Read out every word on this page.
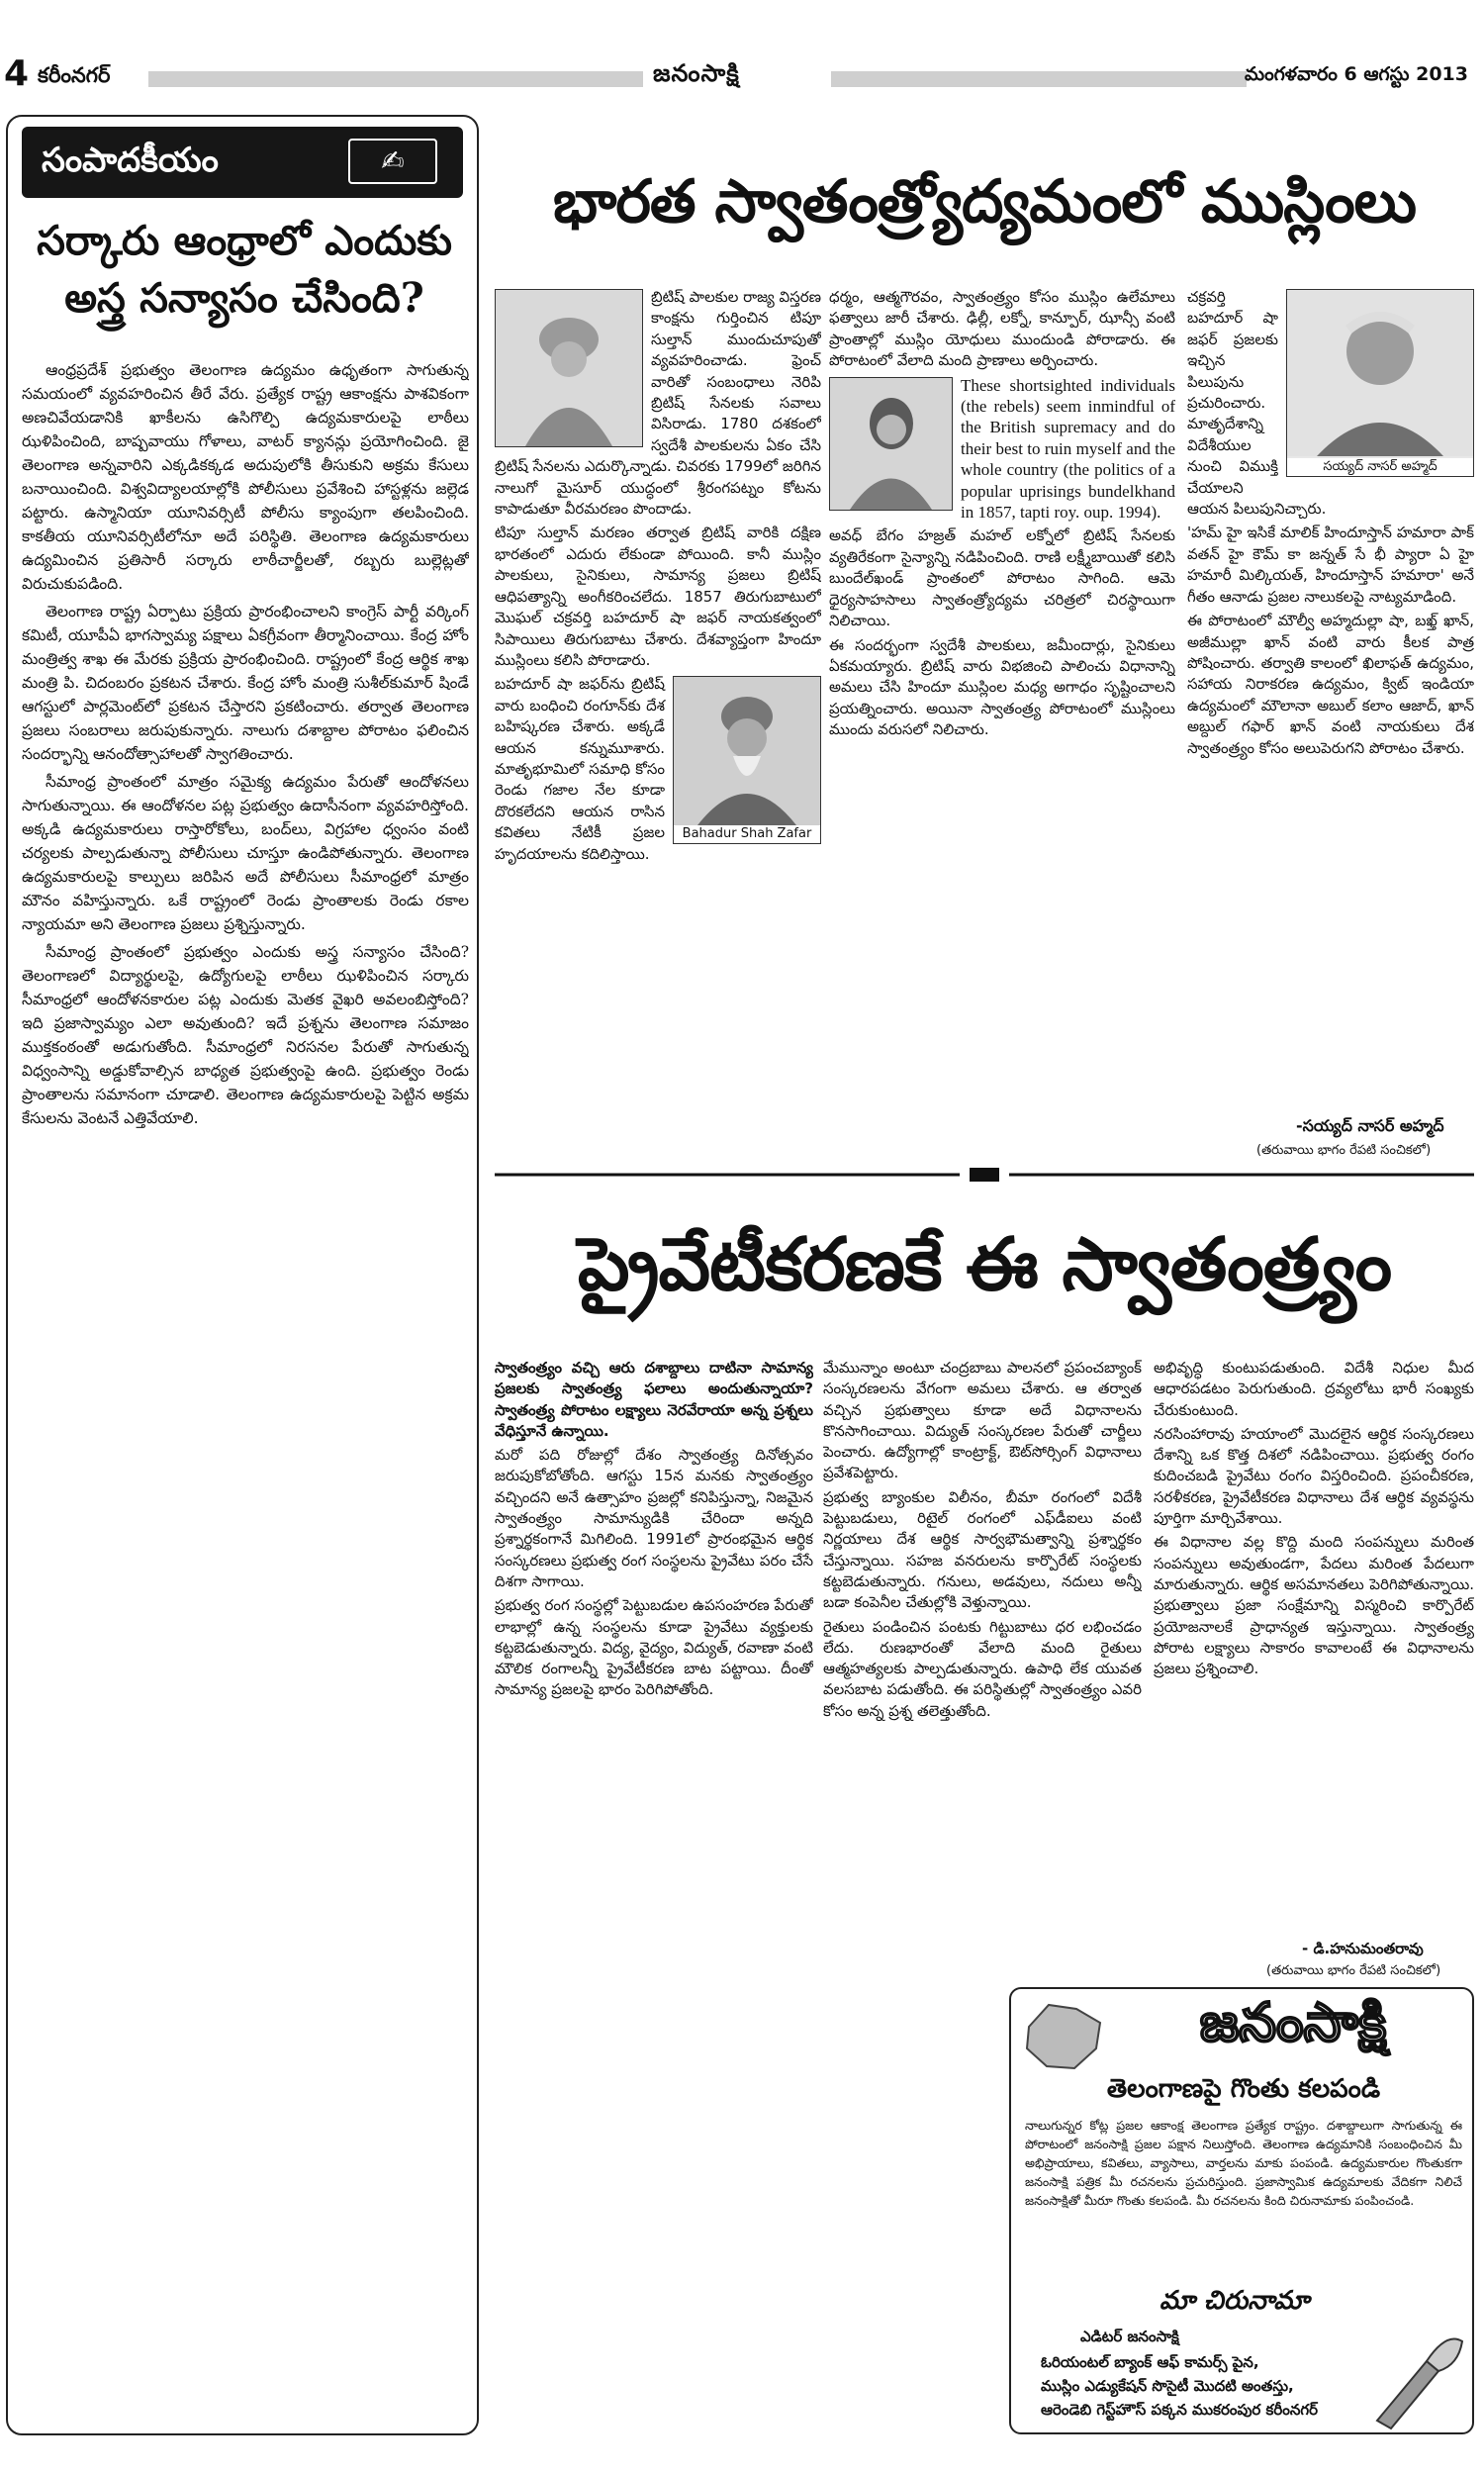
4 కరీంనగర్	జనంసాక్షి	మంగళవారం 6 ఆగస్టు 2013
సంపాదకీయం	✍
సర్కారు ఆంధ్రాలో ఎందుకు అస్త్ర సన్యాసం చేసింది?

ఆంధ్రప్రదేశ్‌ ప్రభుత్వం తెలంగాణ ఉద్యమం ఉధృతంగా సాగుతున్న సమయంలో వ్యవహరించిన తీరే వేరు. ప్రత్యేక రాష్ట్ర ఆకాంక్షను పాశవికంగా అణచివేయడానికి ఖాకీలను ఉసిగొల్పి ఉద్యమకారులపై లాఠీలు ఝళిపించింది, బాష్పవాయు గోళాలు, వాటర్‌ క్యానన్లు ప్రయోగించింది. జై తెలంగాణ అన్నవారిని ఎక్కడికక్కడ అదుపులోకి తీసుకుని అక్రమ కేసులు బనాయించింది. విశ్వవిద్యాలయాల్లోకి పోలీసులు ప్రవేశించి హాస్టళ్లను జల్లెడ పట్టారు. ఉస్మానియా యూనివర్సిటీ పోలీసు క్యాంపుగా తలపించింది. కాకతీయ యూనివర్సిటీలోనూ అదే పరిస్థితి. తెలంగాణ ఉద్యమకారులు ఉద్యమించిన ప్రతిసారీ సర్కారు లాఠీచార్జీలతో, రబ్బరు బుల్లెట్లతో విరుచుకుపడింది.

తెలంగాణ రాష్ట్ర ఏర్పాటు ప్రక్రియ ప్రారంభించాలని కాంగ్రెస్‌ పార్టీ వర్కింగ్‌ కమిటీ, యూపీఏ భాగస్వామ్య పక్షాలు ఏకగ్రీవంగా తీర్మానించాయి. కేంద్ర హోం మంత్రిత్వ శాఖ ఈ మేరకు ప్రక్రియ ప్రారంభించింది. రాష్ట్రంలో కేంద్ర ఆర్థిక శాఖ మంత్రి పి. చిదంబరం ప్రకటన చేశారు. కేంద్ర హోం మంత్రి సుశీల్‌కుమార్‌ షిండే ఆగస్టులో పార్లమెంట్‌లో ప్రకటన చేస్తారని ప్రకటించారు. తర్వాత తెలంగాణ ప్రజలు సంబరాలు జరుపుకున్నారు. నాలుగు దశాబ్దాల పోరాటం ఫలించిన సందర్భాన్ని ఆనందోత్సాహాలతో స్వాగతించారు.

సీమాంధ్ర ప్రాంతంలో మాత్రం సమైక్య ఉద్యమం పేరుతో ఆందోళనలు సాగుతున్నాయి. ఈ ఆందోళనల పట్ల ప్రభుత్వం ఉదాసీనంగా వ్యవహరిస్తోంది. అక్కడి ఉద్యమకారులు రాస్తారోకోలు, బంద్‌లు, విగ్రహాల ధ్వంసం వంటి చర్యలకు పాల్పడుతున్నా పోలీసులు చూస్తూ ఉండిపోతున్నారు. తెలంగాణ ఉద్యమకారులపై కాల్పులు జరిపిన అదే పోలీసులు సీమాంధ్రలో మాత్రం మౌనం వహిస్తున్నారు. ఒకే రాష్ట్రంలో రెండు ప్రాంతాలకు రెండు రకాల న్యాయమా అని తెలంగాణ ప్రజలు ప్రశ్నిస్తున్నారు.

సీమాంధ్ర ప్రాంతంలో ప్రభుత్వం ఎందుకు అస్త్ర సన్యాసం చేసింది? తెలంగాణలో విద్యార్థులపై, ఉద్యోగులపై లాఠీలు ఝళిపించిన సర్కారు సీమాంధ్రలో ఆందోళనకారుల పట్ల ఎందుకు మెతక వైఖరి అవలంబిస్తోంది? ఇది ప్రజాస్వామ్యం ఎలా అవుతుంది? ఇదే ప్రశ్నను తెలంగాణ సమాజం ముక్తకంఠంతో అడుగుతోంది. సీమాంధ్రలో నిరసనల పేరుతో సాగుతున్న విధ్వంసాన్ని అడ్డుకోవాల్సిన బాధ్యత ప్రభుత్వంపై ఉంది. ప్రభుత్వం రెండు ప్రాంతాలను సమానంగా చూడాలి. తెలంగాణ ఉద్యమకారులపై పెట్టిన అక్రమ కేసులను వెంటనే ఎత్తివేయాలి.

భారత స్వాతంత్ర్యోద్యమంలో ముస్లింలు

బ్రిటిష్‌ పాలకుల రాజ్య విస్తరణ కాంక్షను గుర్తించిన టిపూ సుల్తాన్‌ ముందుచూపుతో వ్యవహరించాడు. ఫ్రెంచ్‌ వారితో సంబంధాలు నెరిపి బ్రిటిష్‌ సేనలకు సవాలు విసిరాడు. 1780 దశకంలో స్వదేశీ పాలకులను ఏకం చేసి బ్రిటిష్‌ సేనలను ఎదుర్కొన్నాడు. చివరకు 1799లో జరిగిన నాలుగో మైసూర్‌ యుద్ధంలో శ్రీరంగపట్నం కోటను కాపాడుతూ వీరమరణం పొందాడు.

టిపూ సుల్తాన్‌ మరణం తర్వాత బ్రిటిష్‌ వారికి దక్షిణ భారతంలో ఎదురు లేకుండా పోయింది. కానీ ముస్లిం పాలకులు, సైనికులు, సామాన్య ప్రజలు బ్రిటిష్‌ ఆధిపత్యాన్ని అంగీకరించలేదు. 1857 తిరుగుబాటులో మొఘల్‌ చక్రవర్తి బహదూర్‌ షా జఫర్‌ నాయకత్వంలో సిపాయిలు తిరుగుబాటు చేశారు. దేశవ్యాప్తంగా హిందూ ముస్లింలు కలిసి పోరాడారు.

Bahadur Shah Zafar

బహదూర్‌ షా జఫర్‌ను బ్రిటిష్‌ వారు బంధించి రంగూన్‌కు దేశ బహిష్కరణ చేశారు. అక్కడే ఆయన కన్నుమూశారు. మాతృభూమిలో సమాధి కోసం రెండు గజాల నేల కూడా దొరకలేదని ఆయన రాసిన కవితలు నేటికీ ప్రజల హృదయాలను కదిలిస్తాయి.

ధర్మం, ఆత్మగౌరవం, స్వాతంత్ర్యం కోసం ముస్లిం ఉలేమాలు ఫత్వాలు జారీ చేశారు. ఢిల్లీ, లక్నో, కాన్పూర్‌, ఝాన్సీ వంటి ప్రాంతాల్లో ముస్లిం యోధులు ముందుండి పోరాడారు. ఈ పోరాటంలో వేలాది మంది ప్రాణాలు అర్పించారు.

These shortsighted individuals (the rebels) seem inmindful of the British supremacy and do their best to ruin myself and the whole country (the politics of a popular uprisings bundelkhand in 1857, tapti roy. oup. 1994).

అవధ్‌ బేగం హజ్రత్‌ మహల్‌ లక్నోలో బ్రిటిష్‌ సేనలకు వ్యతిరేకంగా సైన్యాన్ని నడిపించింది. రాణి లక్ష్మీబాయితో కలిసి బుందేల్‌ఖండ్‌ ప్రాంతంలో పోరాటం సాగింది. ఆమె ధైర్యసాహసాలు స్వాతంత్ర్యోద్యమ చరిత్రలో చిరస్థాయిగా నిలిచాయి.

ఈ సందర్భంగా స్వదేశీ పాలకులు, జమీందార్లు, సైనికులు ఏకమయ్యారు. బ్రిటిష్‌ వారు విభజించి పాలించు విధానాన్ని అమలు చేసి హిందూ ముస్లింల మధ్య అగాధం సృష్టించాలని ప్రయత్నించారు. అయినా స్వాతంత్ర్య పోరాటంలో ముస్లింలు ముందు వరుసలో నిలిచారు.

సయ్యద్‌ నాసర్‌ అహ్మద్‌

చక్రవర్తి బహదూర్‌ షా జఫర్‌ ప్రజలకు ఇచ్చిన పిలుపును ప్రచురించారు. మాతృదేశాన్ని విదేశీయుల నుంచి విముక్తి చేయాలని ఆయన పిలుపునిచ్చారు.

'హమ్‌ హై ఇసికే మాలిక్‌ హిందూస్తాన్‌ హమారా పాక్‌ వతన్‌ హై కౌమ్‌ కా జన్నత్‌ సే భీ ప్యారా ఏ హై హమారీ మిల్కియత్‌, హిందూస్తాన్‌ హమారా' అనే గీతం ఆనాడు ప్రజల నాలుకలపై నాట్యమాడింది.

ఈ పోరాటంలో మౌల్వీ అహ్మదుల్లా షా, బఖ్త్‌ ఖాన్‌, అజీముల్లా ఖాన్‌ వంటి వారు కీలక పాత్ర పోషించారు. తర్వాతి కాలంలో ఖిలాఫత్‌ ఉద్యమం, సహాయ నిరాకరణ ఉద్యమం, క్విట్‌ ఇండియా ఉద్యమంలో మౌలానా అబుల్‌ కలాం ఆజాద్‌, ఖాన్‌ అబ్దుల్‌ గఫార్‌ ఖాన్‌ వంటి నాయకులు దేశ స్వాతంత్ర్యం కోసం అలుపెరుగని పోరాటం చేశారు.

-సయ్యద్‌ నాసర్‌ అహ్మద్‌
(తరువాయి భాగం రేపటి సంచికలో)
ప్రైవేటీకరణకే ఈ స్వాతంత్ర్యం

స్వాతంత్ర్యం వచ్చి ఆరు దశాబ్దాలు దాటినా సామాన్య ప్రజలకు స్వాతంత్ర్య ఫలాలు అందుతున్నాయా? స్వాతంత్ర్య పోరాటం లక్ష్యాలు నెరవేరాయా అన్న ప్రశ్నలు వేధిస్తూనే ఉన్నాయి.

మరో పది రోజుల్లో దేశం స్వాతంత్ర్య దినోత్సవం జరుపుకోబోతోంది. ఆగస్టు 15న మనకు స్వాతంత్ర్యం వచ్చిందని అనే ఉత్సాహం ప్రజల్లో కనిపిస్తున్నా, నిజమైన స్వాతంత్ర్యం సామాన్యుడికి చేరిందా అన్నది ప్రశ్నార్థకంగానే మిగిలింది. 1991లో ప్రారంభమైన ఆర్థిక సంస్కరణలు ప్రభుత్వ రంగ సంస్థలను ప్రైవేటు పరం చేసే దిశగా సాగాయి.

ప్రభుత్వ రంగ సంస్థల్లో పెట్టుబడుల ఉపసంహరణ పేరుతో లాభాల్లో ఉన్న సంస్థలను కూడా ప్రైవేటు వ్యక్తులకు కట్టబెడుతున్నారు. విద్య, వైద్యం, విద్యుత్‌, రవాణా వంటి మౌలిక రంగాలన్నీ ప్రైవేటీకరణ బాట పట్టాయి. దీంతో సామాన్య ప్రజలపై భారం పెరిగిపోతోంది.

మేమున్నాం అంటూ చంద్రబాబు పాలనలో ప్రపంచబ్యాంక్‌ సంస్కరణలను వేగంగా అమలు చేశారు. ఆ తర్వాత వచ్చిన ప్రభుత్వాలు కూడా అదే విధానాలను కొనసాగించాయి. విద్యుత్‌ సంస్కరణల పేరుతో చార్జీలు పెంచారు. ఉద్యోగాల్లో కాంట్రాక్ట్‌, ఔట్‌సోర్సింగ్‌ విధానాలు ప్రవేశపెట్టారు.

ప్రభుత్వ బ్యాంకుల విలీనం, బీమా రంగంలో విదేశీ పెట్టుబడులు, రిటైల్‌ రంగంలో ఎఫ్‌డీఐలు వంటి నిర్ణయాలు దేశ ఆర్థిక సార్వభౌమత్వాన్ని ప్రశ్నార్థకం చేస్తున్నాయి. సహజ వనరులను కార్పొరేట్‌ సంస్థలకు కట్టబెడుతున్నారు. గనులు, అడవులు, నదులు అన్నీ బడా కంపెనీల చేతుల్లోకి వెళ్తున్నాయి.

రైతులు పండించిన పంటకు గిట్టుబాటు ధర లభించడం లేదు. రుణభారంతో వేలాది మంది రైతులు ఆత్మహత్యలకు పాల్పడుతున్నారు. ఉపాధి లేక యువత వలసబాట పడుతోంది. ఈ పరిస్థితుల్లో స్వాతంత్ర్యం ఎవరి కోసం అన్న ప్రశ్న తలెత్తుతోంది.

అభివృద్ధి కుంటుపడుతుంది. విదేశీ నిధుల మీద ఆధారపడటం పెరుగుతుంది. ద్రవ్యలోటు భారీ సంఖ్యకు చేరుకుంటుంది.

నరసింహారావు హయాంలో మొదలైన ఆర్థిక సంస్కరణలు దేశాన్ని ఒక కొత్త దిశలో నడిపించాయి. ప్రభుత్వ రంగం కుదించబడి ప్రైవేటు రంగం విస్తరించింది. ప్రపంచీకరణ, సరళీకరణ, ప్రైవేటీకరణ విధానాలు దేశ ఆర్థిక వ్యవస్థను పూర్తిగా మార్చివేశాయి.

ఈ విధానాల వల్ల కొద్ది మంది సంపన్నులు మరింత సంపన్నులు అవుతుండగా, పేదలు మరింత పేదలుగా మారుతున్నారు. ఆర్థిక అసమానతలు పెరిగిపోతున్నాయి. ప్రభుత్వాలు ప్రజా సంక్షేమాన్ని విస్మరించి కార్పొరేట్‌ ప్రయోజనాలకే ప్రాధాన్యత ఇస్తున్నాయి. స్వాతంత్ర్య పోరాట లక్ష్యాలు సాకారం కావాలంటే ఈ విధానాలను ప్రజలు ప్రశ్నించాలి.

- డి.హనుమంతరావు
(తరువాయి భాగం రేపటి సంచికలో)
జనంసాక్షి
తెలంగాణపై గొంతు కలపండి
నాలుగున్నర కోట్ల ప్రజల ఆకాంక్ష తెలంగాణ ప్రత్యేక రాష్ట్రం. దశాబ్దాలుగా సాగుతున్న ఈ పోరాటంలో జనంసాక్షి ప్రజల పక్షాన నిలుస్తోంది. తెలంగాణ ఉద్యమానికి సంబంధించిన మీ అభిప్రాయాలు, కవితలు, వ్యాసాలు, వార్తలను మాకు పంపండి. ఉద్యమకారుల గొంతుకగా జనంసాక్షి పత్రిక మీ రచనలను ప్రచురిస్తుంది. ప్రజాస్వామిక ఉద్యమాలకు వేదికగా నిలిచే జనంసాక్షితో మీరూ గొంతు కలపండి. మీ రచనలను కింది చిరునామాకు పంపించండి.
మా చిరునామా
ఎడిటర్‌ జనంసాక్షి
ఓరియంటల్‌ బ్యాంక్‌ ఆఫ్‌ కామర్స్‌ పైన,
ముస్లిం ఎడ్యుకేషన్‌ సొసైటీ మొదటి అంతస్తు,
ఆరెండెబి గెస్ట్‌హౌస్‌ పక్కన ముకరంపుర కరీంనగర్‌
